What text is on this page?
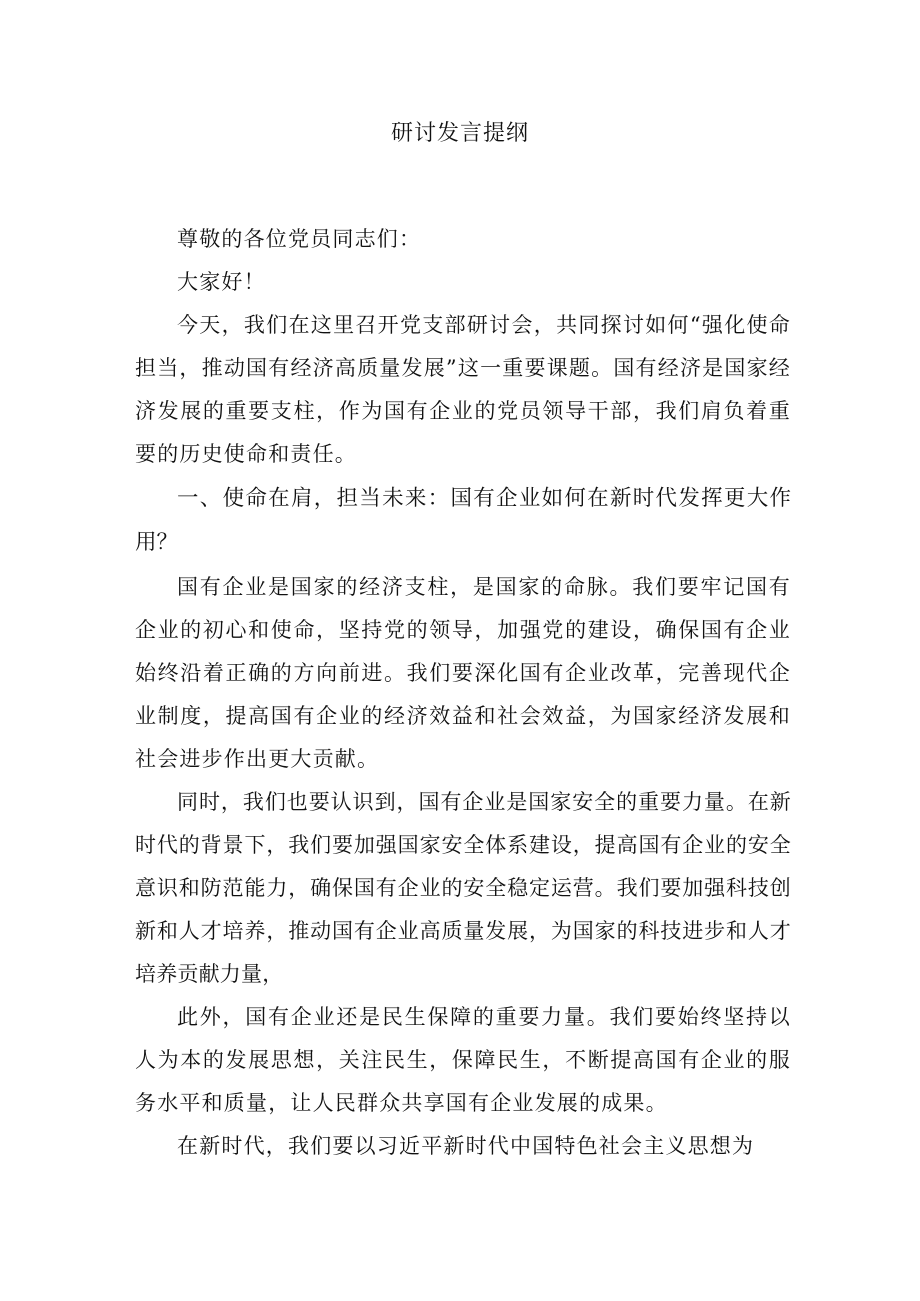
研讨发言提纲

尊敬的各位党员同志们：

大家好！

今天，我们在这里召开党支部研讨会，共同探讨如何“强化使命担当，推动国有经济高质量发展”这一重要课题。国有经济是国家经济发展的重要支柱，作为国有企业的党员领导干部，我们肩负着重要的历史使命和责任。

一、使命在肩，担当未来：国有企业如何在新时代发挥更大作用？

国有企业是国家的经济支柱，是国家的命脉。我们要牢记国有企业的初心和使命，坚持党的领导，加强党的建设，确保国有企业始终沿着正确的方向前进。我们要深化国有企业改革，完善现代企业制度，提高国有企业的经济效益和社会效益，为国家经济发展和社会进步作出更大贡献。

同时，我们也要认识到，国有企业是国家安全的重要力量。在新时代的背景下，我们要加强国家安全体系建设，提高国有企业的安全意识和防范能力，确保国有企业的安全稳定运营。我们要加强科技创新和人才培养，推动国有企业高质量发展，为国家的科技进步和人才培养贡献力量，

此外，国有企业还是民生保障的重要力量。我们要始终坚持以人为本的发展思想，关注民生，保障民生，不断提高国有企业的服务水平和质量，让人民群众共享国有企业发展的成果。

在新时代，我们要以习近平新时代中国特色社会主义思想为
